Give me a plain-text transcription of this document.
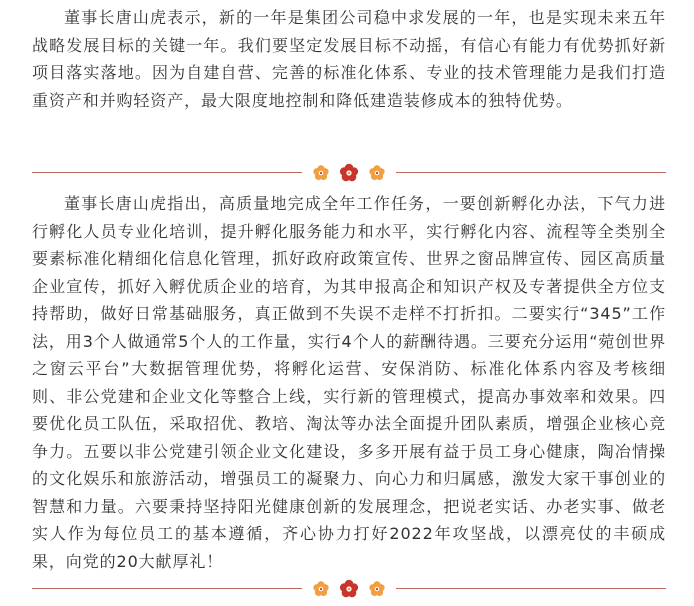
董事长唐山虎表示，新的一年是集团公司稳中求发展的一年，也是实现未来五年战略发展目标的关键一年。我们要坚定发展目标不动摇，有信心有能力有优势抓好新项目落实落地。因为自建自营、完善的标准化体系、专业的技术管理能力是我们打造重资产和并购轻资产，最大限度地控制和降低建造装修成本的独特优势。

董事长唐山虎指出，高质量地完成全年工作任务，一要创新孵化办法，下气力进行孵化人员专业化培训，提升孵化服务能力和水平，实行孵化内容、流程等全类别全要素标准化精细化信息化管理，抓好政府政策宣传、世界之窗品牌宣传、园区高质量企业宣传，抓好入孵优质企业的培育，为其申报高企和知识产权及专著提供全方位支持帮助，做好日常基础服务，真正做到不失误不走样不打折扣。二要实行“345”工作法，用3个人做通常5个人的工作量，实行4个人的薪酬待遇。三要充分运用“菀创世界之窗云平台”大数据管理优势，将孵化运营、安保消防、标准化体系内容及考核细则、非公党建和企业文化等整合上线，实行新的管理模式，提高办事效率和效果。四要优化员工队伍，采取招优、教培、淘汰等办法全面提升团队素质，增强企业核心竞争力。五要以非公党建引领企业文化建设，多多开展有益于员工身心健康，陶冶情操的文化娱乐和旅游活动，增强员工的凝聚力、向心力和归属感，激发大家干事创业的智慧和力量。六要秉持坚持阳光健康创新的发展理念，把说老实话、办老实事、做老实人作为每位员工的基本遵循，齐心协力打好2022年攻坚战，以漂亮仗的丰硕成果，向党的20大献厚礼！
